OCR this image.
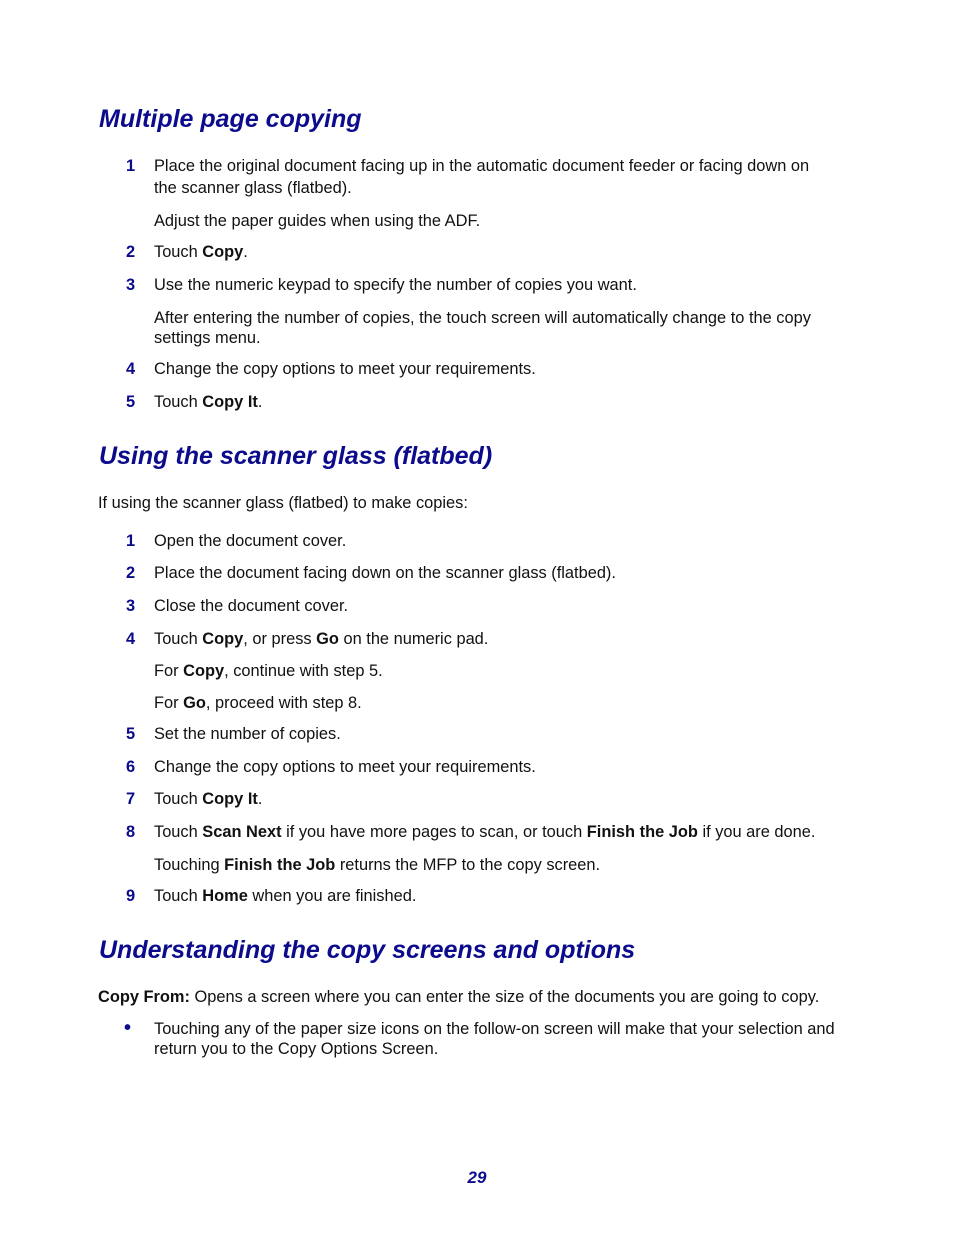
Multiple page copying
1 Place the original document facing up in the automatic document feeder or facing down on
the scanner glass (flatbed).
Adjust the paper guides when using the ADF.
2 Touch Copy.
3 Use the numeric keypad to specify the number of copies you want.
After entering the number of copies, the touch screen will automatically change to the copy
settings menu.
4 Change the copy options to meet your requirements.
5 Touch Copy It.
Using the scanner glass (flatbed)
If using the scanner glass (flatbed) to make copies:
1 Open the document cover.
2 Place the document facing down on the scanner glass (flatbed).
3 Close the document cover.
4 Touch Copy, or press Go on the numeric pad.
For Copy, continue with step 5.
For Go, proceed with step 8.
5 Set the number of copies.
6 Change the copy options to meet your requirements.
7 Touch Copy It.
8 Touch Scan Next if you have more pages to scan, or touch Finish the Job if you are done.
Touching Finish the Job returns the MFP to the copy screen.
9 Touch Home when you are finished.
Understanding the copy screens and options
Copy From: Opens a screen where you can enter the size of the documents you are going to copy.
• Touching any of the paper size icons on the follow-on screen will make that your selection and
return you to the Copy Options Screen.
29
